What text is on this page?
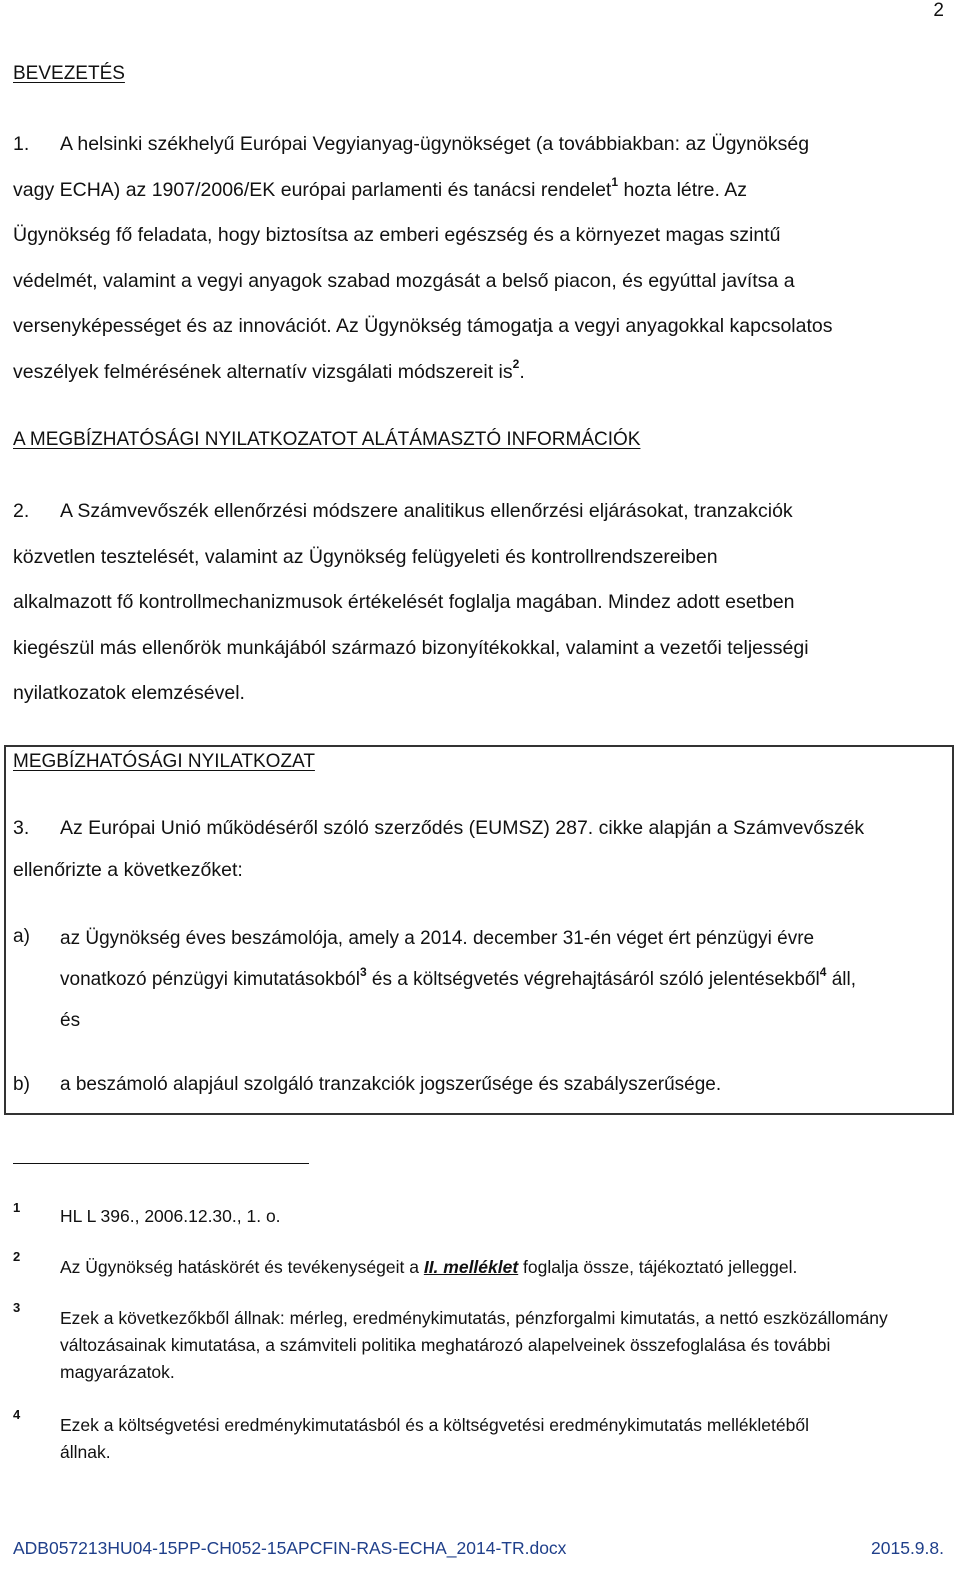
2
BEVEZETÉS
1. A helsinki székhelyű Európai Vegyianyag-ügynökséget (a továbbiakban: az Ügynökség
vagy ECHA) az 1907/2006/EK európai parlamenti és tanácsi rendelet$^1$ hozta létre. Az
Ügynökség fő feladata, hogy biztosítsa az emberi egészség és a környezet magas szintű
védelmét, valamint a vegyi anyagok szabad mozgását a belső piacon, és egyúttal javítsa a
versenyképességet és az innovációt. Az Ügynökség támogatja a vegyi anyagokkal kapcsolatos
veszélyek felmérésének alternatív vizsgálati módszereit $is^2$.
A MEGBÍZHATÓSÁGI NYILATKOZATOT ALÁTÁMASZTÓ INFORMÁCIÓK
2. A Számvevőszék ellenőrzési módszere analitikus ellenőrzési eljárásokat, tranzakciók
közvetlen tesztelését, valamint az Ügynökség felügyeleti és kontrollrendszereiben
alkalmazott fő kontrollmechanizmusok értékelését foglalja magában. Mindez adott esetben
kiegészül más ellenőrök munkájából származó bizonyítékokkal, valamint a vezetői teljességi
nyilatkozatok elemzésével.
MEGBÍZHATÓSÁGI NYILATKOZAT
3. Az Európai Unió működéséről szóló szerződés (EUMSZ) 287. cikke alapján a Számvevőszék
ellenőrizte a következőket:
a) az Ügynökség éves beszámolója, amely a 2014. december 31-én véget ért pénzügyi évre
vonatkozó pénzügyi kimutatásokból$^3$ és a költségvetés végrehajtásáról szóló jelentésekből$^4$ áll,
és
b) a beszámoló alapjául szolgáló tranzakciók jogszerűsége és szabályszerűsége.
1 HL L 396., 2006.12.30., 1. o.
2
Az Ügynökség hatáskörét és tevékenységeit a II. melléklet foglalja össze, tájékoztató jelleggel.
3
Ezek a következőkből állnak: mérleg, eredménykimutatás, pénzforgalmi kimutatás, a nettó eszközállomány változásainak kimutatása, a számviteli politika meghatározó alapelveinek összefoglalása és további magyarázatok.
4
Ezek a költségvetési eredménykimutatásból és a költségvetési eredménykimutatás mellékletéből állnak.
ADB057213HU04-15PP-CH052-15APCFIN-RAS-ECHA_2014-TR.docx	2015.9.8.
